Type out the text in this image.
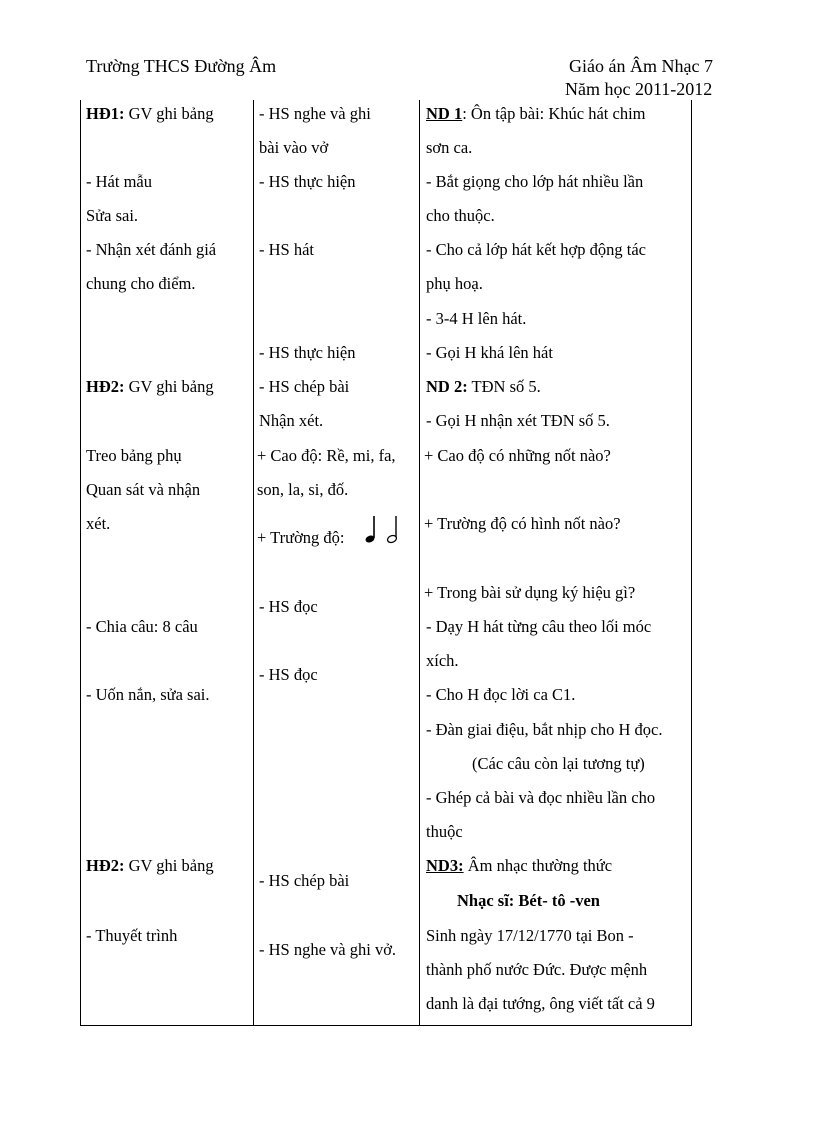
Trường THCS Đường Âm	Giáo án Âm Nhạc 7
Năm học 2011-2012
HĐ1: GV ghi bảng
- Hát mẫu
Sửa sai.
- Nhận xét đánh giá
chung cho điểm.
HĐ2: GV ghi bảng
Treo bảng phụ
Quan sát và nhận
xét.
- Chia câu: 8 câu
- Uốn nắn, sửa sai.
HĐ2: GV ghi bảng
- Thuyết trình
- HS nghe và ghi
bài vào vở
- HS thực hiện
- HS hát
- HS thực hiện
- HS chép bài
Nhận xét.
+ Cao độ: Rề, mi, fa,
son, la, si, đố.
+ Trường độ:
- HS đọc
- HS đọc
- HS chép bài
- HS nghe và ghi vở.
ND 1: Ôn tập bài: Khúc hát chim
sơn ca.
- Bắt giọng cho lớp hát nhiều lần
cho thuộc.
- Cho cả lớp hát kết hợp động tác
phụ hoạ.
- 3-4 H lên hát.
- Gọi H khá lên hát
ND 2: TĐN số 5.
- Gọi H nhận xét TĐN số 5.
+ Cao độ có những nốt nào?
+ Trường độ có hình nốt nào?
+ Trong bài sử dụng ký hiệu gì?
- Dạy H hát từng câu theo lối móc
xích.
- Cho H đọc lời ca C1.
- Đàn giai điệu, bắt nhịp cho H đọc.
(Các câu còn lại tương tự)
- Ghép cả bài và đọc nhiều lần cho
thuộc
ND3: Âm nhạc thường thức
Nhạc sĩ: Bét- tô -ven
Sinh ngày 17/12/1770 tại Bon -
thành phố nước Đức. Được mệnh
danh là đại tướng, ông viết tất cả 9
